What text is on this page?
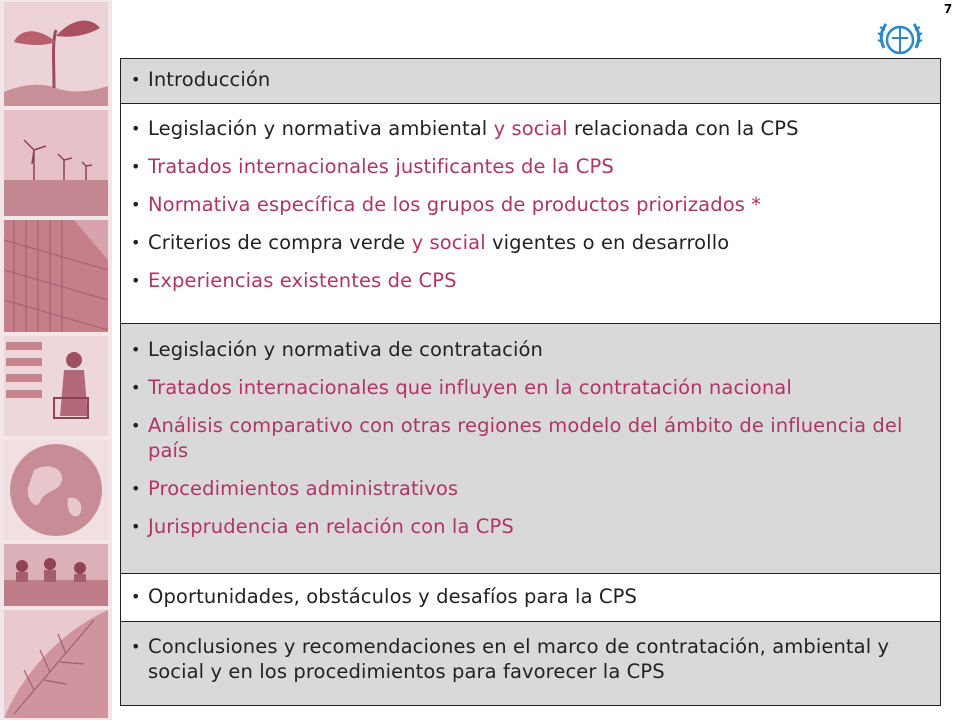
7
• Introducción
• Legislación y normativa ambiental y social relacionada con la CPS
• Tratados internacionales justificantes de la CPS
• Normativa específica de los grupos de productos priorizados *
• Criterios de compra verde y social vigentes o en desarrollo
• Experiencias existentes de CPS
• Legislación y normativa de contratación
• Tratados internacionales que influyen en la contratación nacional
• Análisis comparativo con otras regiones modelo del ámbito de influencia del país
• Procedimientos administrativos
• Jurisprudencia en relación con la CPS
• Oportunidades, obstáculos y desafíos para la CPS
• Conclusiones y recomendaciones en el marco de contratación, ambiental y social y en los procedimientos para favorecer la CPS
